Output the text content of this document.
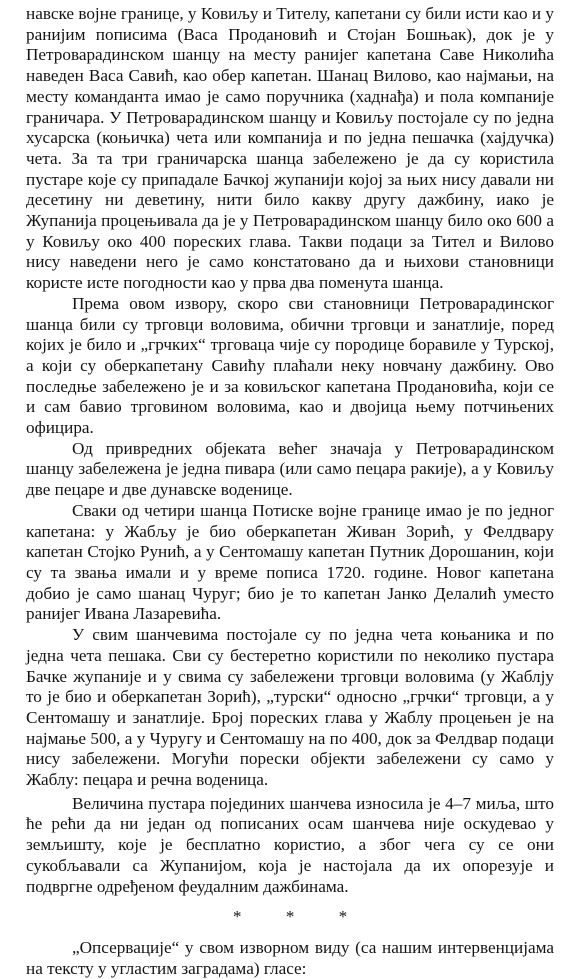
навске војне границе, у Ковиљу и Тителу, капетани су били исти као и у ранијим пописима (Васа Продановић и Стојан Бошњак), док је у Петроварадинском шанцу на месту ранијег капетана Саве Николића наведен Васа Савић, као обер капетан. Шанац Вилово, као најмањи, на месту команданта имао је само поручника (хаднађа) и пола компаније граничара. У Петроварадинском шанцу и Ковиљу постојале су по једна хусарска (коњичка) чета или компанија и по једна пешачка (хајдучка) чета. За та три граничарска шанца забележено је да су користила пустаре које су припадале Бачкој жупанији којој за њих нису давали ни десетину ни деветину, нити било какву другу дажбину, иако је Жупанија процењивала да је у Петроварадинском шанцу било око 600 а у Ковиљу око 400 пореских глава. Такви подаци за Тител и Вилово нису наведени него је само констатовано да и њихови становници користе исте погодности као у прва два поменута шанца.

Према овом извору, скоро сви становници Петроварадинског шанца били су трговци воловима, обични трговци и занатлије, поред којих је било и „грчких“ трговаца чије су породице боравиле у Турској, а који су оберкапетану Савићу плаћали неку новчану дажбину. Ово последње забележено је и за ковиљског капетана Продановића, који се и сам бавио трговином воловима, као и двојица њему потчињених официра.

Од привредних објеката већег значаја у Петроварадинском шанцу забележена је једна пивара (или само пецара ракије), а у Ковиљу две пецаре и две дунавске воденице.

Сваки од четири шанца Потиске војне границе имао је по једног капетана: у Жабљу је био оберкапетан Живан Зорић, у Фелдвару капетан Стојко Рунић, а у Сентомашу капетан Путник Дорошанин, који су та звања имали и у време пописа 1720. године. Новог капетана добио је само шанац Чуруг; био је то капетан Јанко Делалић уместо ранијег Ивана Лазаревића.

У свим шанчевима постојале су по једна чета коњаника и по једна чета пешака. Сви су бестеретно користили по неколико пустара Бачке жупаније и у свима су забележени трговци воловима (у Жаблју то је био и оберкапетан Зорић), „турски“ односно „грчки“ трговци, а у Сентомашу и занатлије. Број пореских глава у Жаблу процењен је на најмање 500, а у Чуругу и Сентомашу на по 400, док за Фелдвар подаци нису забележени. Могући порески објекти забележени су само у Жаблу: пецара и речна воденица.

Величина пустара појединих шанчева износила је 4–7 миља, што ће рећи да ни један од пописаних осам шанчева није оскудевао у земљишту, које је бесплатно користио, а због чега су се они сукобљавали са Жупанијом, која је настојала да их опорезује и подвргне одређеном феудалним дажбинама.

* * *

„Опсервације“ у свом изворном виду (са нашим интервенцијама на тексту у угластим заградама) гласе:
